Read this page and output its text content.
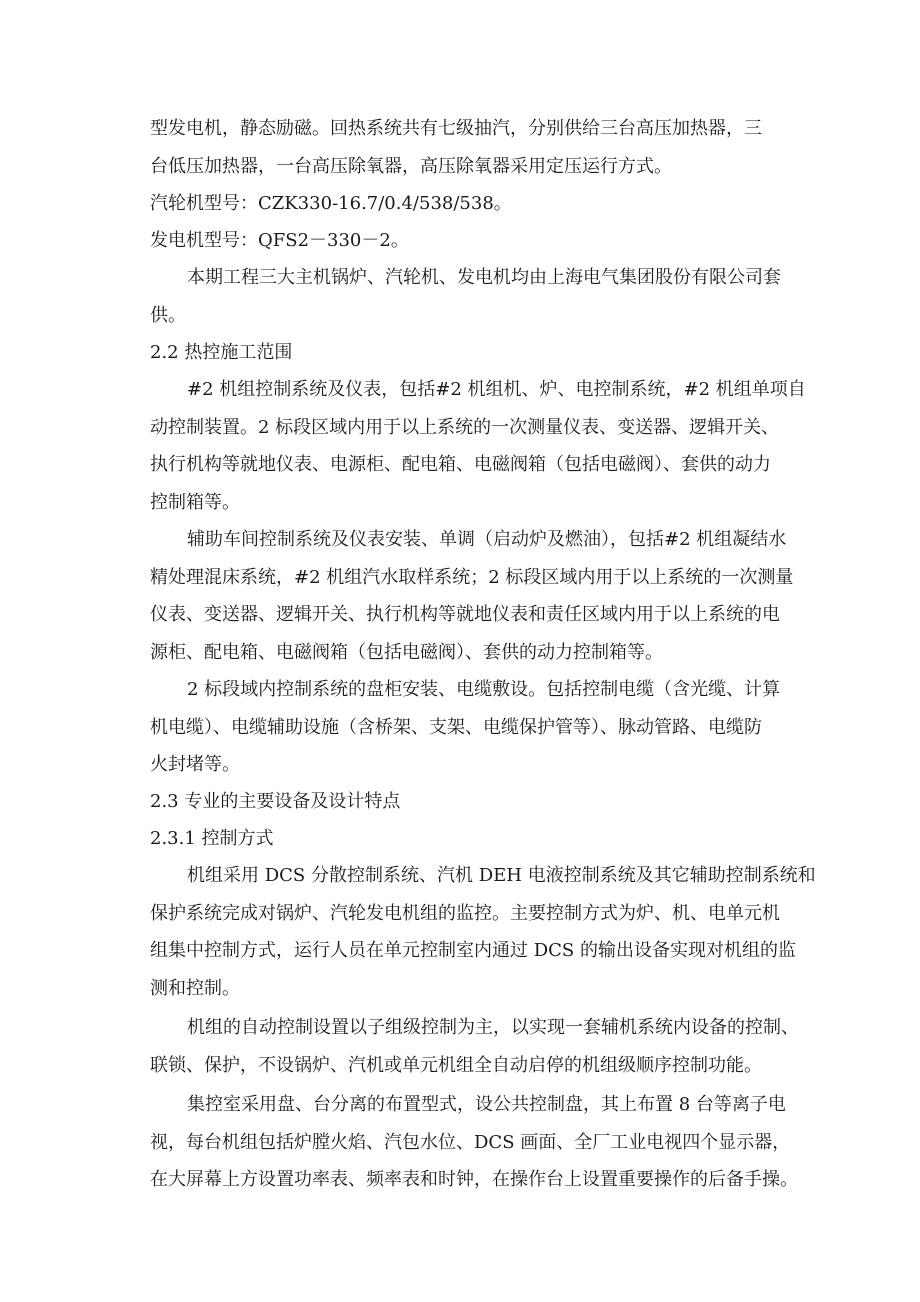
型发电机，静态励磁。回热系统共有七级抽汽，分别供给三台高压加热器，三
台低压加热器，一台高压除氧器，高压除氧器采用定压运行方式。

汽轮机型号：CZK330-16.7/0.4/538/538。

发电机型号：QFS2－330－2。

本期工程三大主机锅炉、汽轮机、发电机均由上海电气集团股份有限公司套
供。

2.2 热控施工范围

#2 机组控制系统及仪表，包括#2 机组机、炉、电控制系统，#2 机组单项自
动控制装置。2 标段区域内用于以上系统的一次测量仪表、变送器、逻辑开关、
执行机构等就地仪表、电源柜、配电箱、电磁阀箱（包括电磁阀）、套供的动力
控制箱等。

辅助车间控制系统及仪表安装、单调（启动炉及燃油），包括#2 机组凝结水
精处理混床系统，#2 机组汽水取样系统；2 标段区域内用于以上系统的一次测量
仪表、变送器、逻辑开关、执行机构等就地仪表和责任区域内用于以上系统的电
源柜、配电箱、电磁阀箱（包括电磁阀）、套供的动力控制箱等。

2 标段域内控制系统的盘柜安装、电缆敷设。包括控制电缆（含光缆、计算
机电缆）、电缆辅助设施（含桥架、支架、电缆保护管等）、脉动管路、电缆防
火封堵等。

2.3 专业的主要设备及设计特点

2.3.1 控制方式

机组采用 DCS 分散控制系统、汽机 DEH 电液控制系统及其它辅助控制系统和
保护系统完成对锅炉、汽轮发电机组的监控。主要控制方式为炉、机、电单元机
组集中控制方式，运行人员在单元控制室内通过 DCS 的输出设备实现对机组的监
测和控制。

机组的自动控制设置以子组级控制为主，以实现一套辅机系统内设备的控制、
联锁、保护，不设锅炉、汽机或单元机组全自动启停的机组级顺序控制功能。

集控室采用盘、台分离的布置型式，设公共控制盘，其上布置 8 台等离子电
视，每台机组包括炉膛火焰、汽包水位、DCS 画面、全厂工业电视四个显示器，
在大屏幕上方设置功率表、频率表和时钟，在操作台上设置重要操作的后备手操。
